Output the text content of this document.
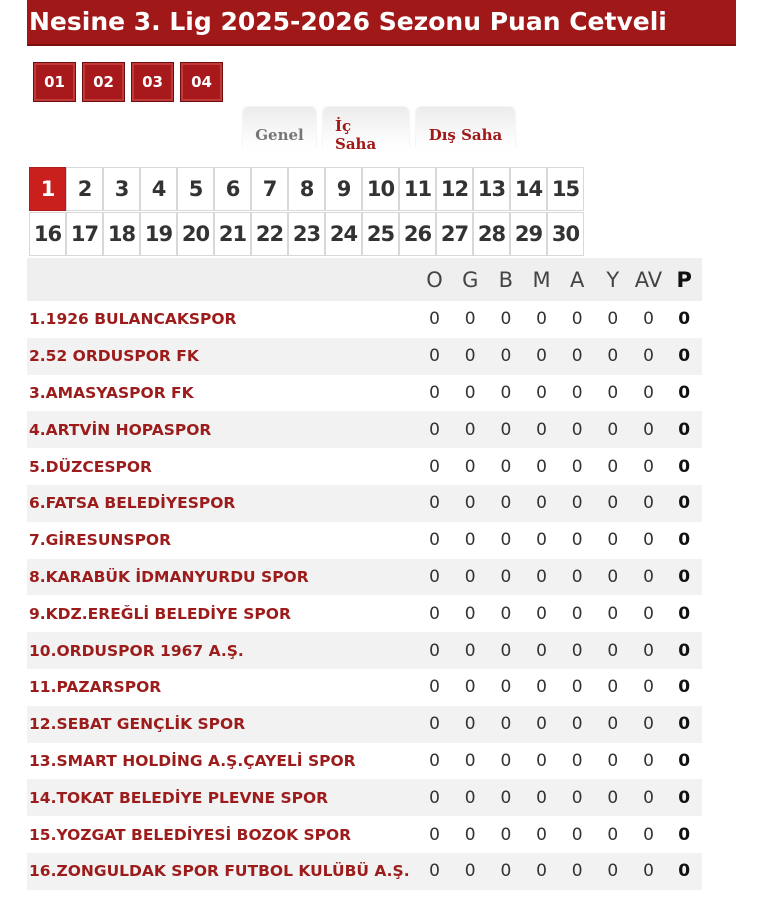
Nesine 3. Lig 2025-2026 Sezonu Puan Cetveli
01	02	03	04
Genel	İç Saha	Dış Saha
1	2	3	4	5	6	7	8	9 10 11 12 13 14 15
16 17 18 19 20 21 22 23 24 25 26 27 28 29 30
O G B M A	Y AV P
1.1926 BULANCAKSPOR	0	0	0	0	0	0	0	0
2.52 ORDUSPOR FK	0	0	0	0	0	0	0	0
3.AMASYASPOR FK	0	0	0	0	0	0	0	0
4.ARTVİN HOPASPOR	0	0	0	0	0	0	0	0
5.DÜZCESPOR	0	0	0	0	0	0	0	0
6.FATSA BELEDİYESPOR	0	0	0	0	0	0	0	0
7.GİRESUNSPOR	0	0	0	0	0	0	0	0
8.KARABÜK İDMANYURDU SPOR	0	0	0	0	0	0	0	0
9.KDZ.EREĞLİ BELEDİYE SPOR	0	0	0	0	0	0	0	0
10.ORDUSPOR 1967 A.Ş.	0	0	0	0	0	0	0	0
11.PAZARSPOR	0	0	0	0	0	0	0	0
12.SEBAT GENÇLİK SPOR	0	0	0	0	0	0	0	0
13.SMART HOLDİNG A.Ş.ÇAYELİ SPOR	0	0	0	0	0	0	0	0
14.TOKAT BELEDİYE PLEVNE SPOR	0	0	0	0	0	0	0	0
15.YOZGAT BELEDİYESİ BOZOK SPOR	0	0	0	0	0	0	0	0
16.ZONGULDAK SPOR FUTBOL KULÜBÜ A.Ş.	0	0	0	0	0	0	0	0
